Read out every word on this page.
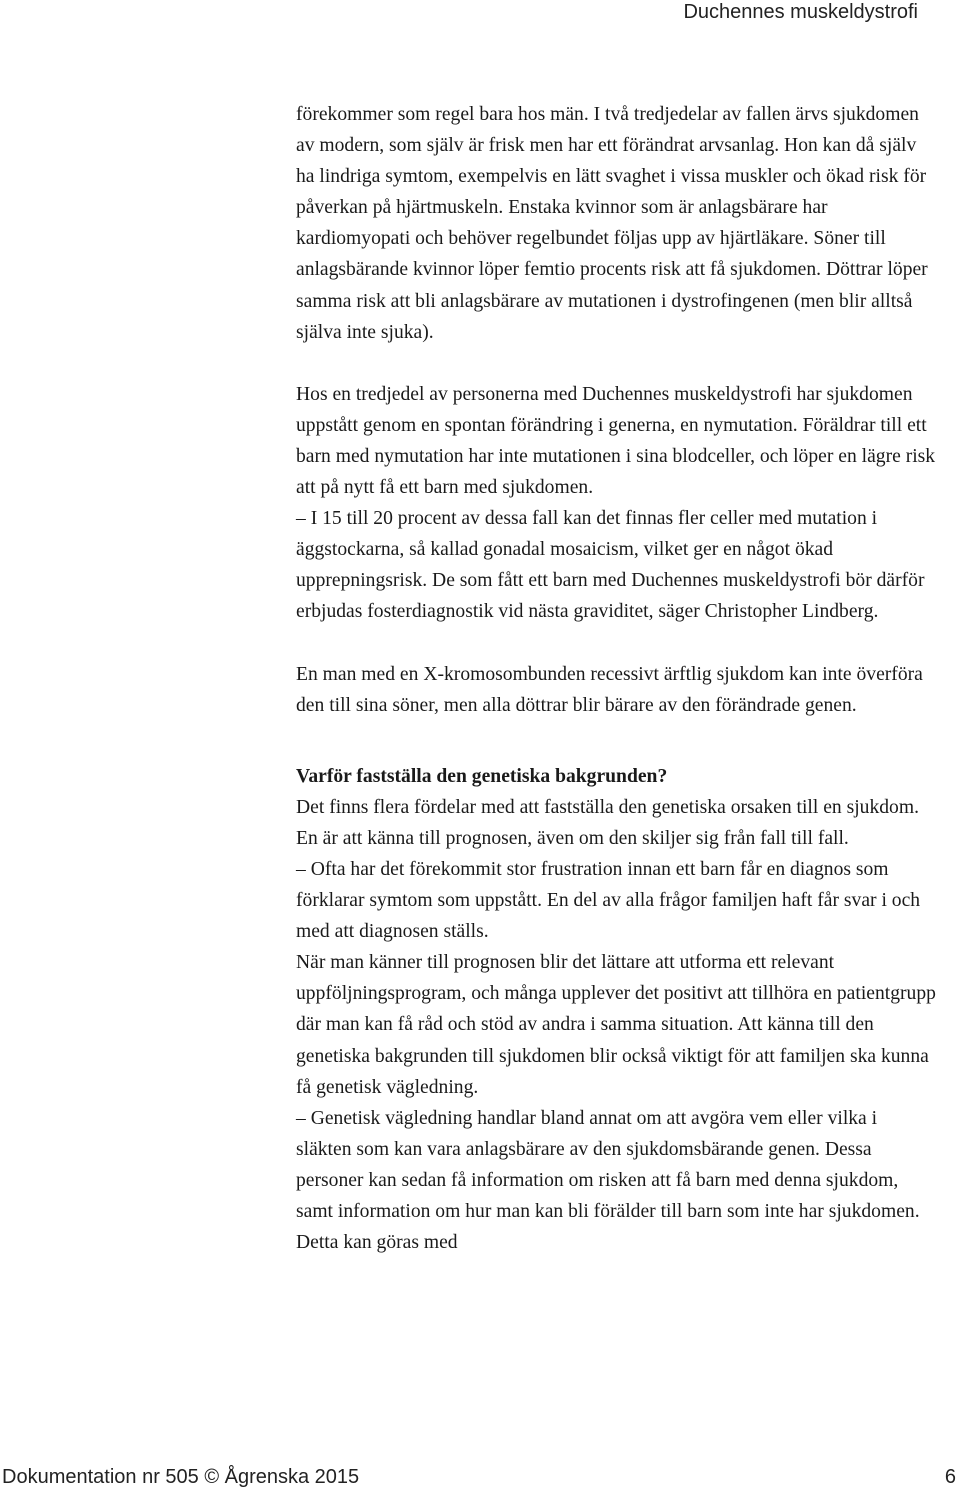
Duchennes muskeldystrofi

förekommer som regel bara hos män. I två tredjedelar av fallen ärvs sjukdomen av modern, som själv är frisk men har ett förändrat arvsanlag. Hon kan då själv ha lindriga symtom, exempelvis en lätt svaghet i vissa muskler och ökad risk för påverkan på hjärtmuskeln. Enstaka kvinnor som är anlagsbärare har kardiomyopati och behöver regelbundet följas upp av hjärtläkare. Söner till anlagsbärande kvinnor löper femtio procents risk att få sjukdomen. Döttrar löper samma risk att bli anlagsbärare av mutationen i dystrofingenen (men blir alltså själva inte sjuka).

Hos en tredjedel av personerna med Duchennes muskeldystrofi har sjukdomen uppstått genom en spontan förändring i generna, en nymutation. Föräldrar till ett barn med nymutation har inte mutationen i sina blodceller, och löper en lägre risk att på nytt få ett barn med sjukdomen.

– I 15 till 20 procent av dessa fall kan det finnas fler celler med mutation i äggstockarna, så kallad gonadal mosaicism, vilket ger en något ökad upprepningsrisk. De som fått ett barn med Duchennes muskeldystrofi bör därför erbjudas fosterdiagnostik vid nästa graviditet, säger Christopher Lindberg.

En man med en X-kromosombunden recessivt ärftlig sjukdom kan inte överföra den till sina söner, men alla döttrar blir bärare av den förändrade genen.

Varför fastställa den genetiska bakgrunden?

Det finns flera fördelar med att fastställa den genetiska orsaken till en sjukdom. En är att känna till prognosen, även om den skiljer sig från fall till fall.

– Ofta har det förekommit stor frustration innan ett barn får en diagnos som förklarar symtom som uppstått. En del av alla frågor familjen haft får svar i och med att diagnosen ställs.

När man känner till prognosen blir det lättare att utforma ett relevant uppföljningsprogram, och många upplever det positivt att tillhöra en patientgrupp där man kan få råd och stöd av andra i samma situation. Att känna till den genetiska bakgrunden till sjukdomen blir också viktigt för att familjen ska kunna få genetisk vägledning.

– Genetisk vägledning handlar bland annat om att avgöra vem eller vilka i släkten som kan vara anlagsbärare av den sjukdomsbärande genen. Dessa personer kan sedan få information om risken att få barn med denna sjukdom, samt information om hur man kan bli förälder till barn som inte har sjukdomen. Detta kan göras med

Dokumentation nr 505 © Ågrenska 2015	6
